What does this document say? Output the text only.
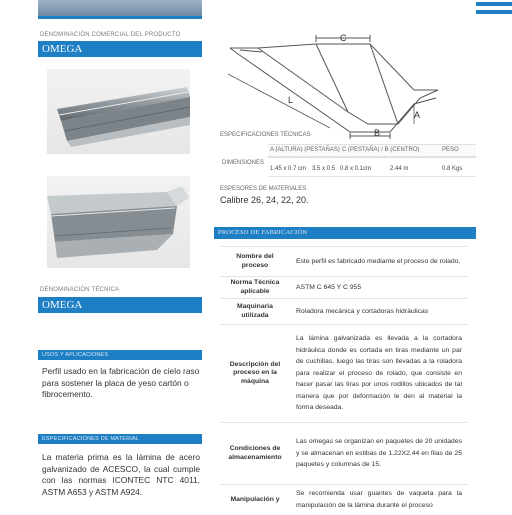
DENOMINACIÓN COMERCIAL DEL PRODUCTO
OMEGA
DENOMINACIÓN TÉCNICA
OMEGA
USOS Y APLICACIONES
Perfil usado en la fabricación de cielo raso para sostener la placa de yeso cartón o fibrocemento.
ESPECIFICACIONES DE MATERIAL
La materia prima es la lámina de acero galvanizado de ACESCO, la cual cumple con las normas ICONTEC NTC 4011, ASTM A653 y ASTM A924.
C
L
A
B
ESPECIFICACIONES TÉCNICAS
A (ALTURA) (PESTAÑAS) C (PESTAÑA) / B (CENTRO)	PESO
DIMENSIONES
1.45 x 0.7 cm 3.5 x 0.5 0.8 x 0.1cm	2.44 m	0.8 Kgs
ESPESORES DE MATERIALES
Calibre 26, 24, 22, 20.
PROCESO DE FABRICACIÓN
Nombre del proceso	Este perfil es fabricado mediante el proceso de rolado.
Norma Técnica aplicable	ASTM C 645 Y C 955
Maquinaria utilizada	Roladora mecánica y cortadoras hidráulicas
Descripción del proceso en la máquina	La lámina galvanizada es llevada a la cortadora hidráulica donde es cortada en tiras mediante un par de cuchillas, luego las tiras son llevadas a la roladora para realizar el proceso de rolado, que consiste en hacer pasar las tiras por unos rodillos ubicados de tal manera que por deformación le den al material la forma deseada.
Condiciones de almacenamiento	Las omegas se organizan en paquetes de 20 unidades y se almacenan en estibas de 1.22X2.44 en filas de 25 paquetes y columnas de 15.
Manipulación y	Se recomienda usar guantes de vaqueta para la manipulación de la lámina durante el proceso
